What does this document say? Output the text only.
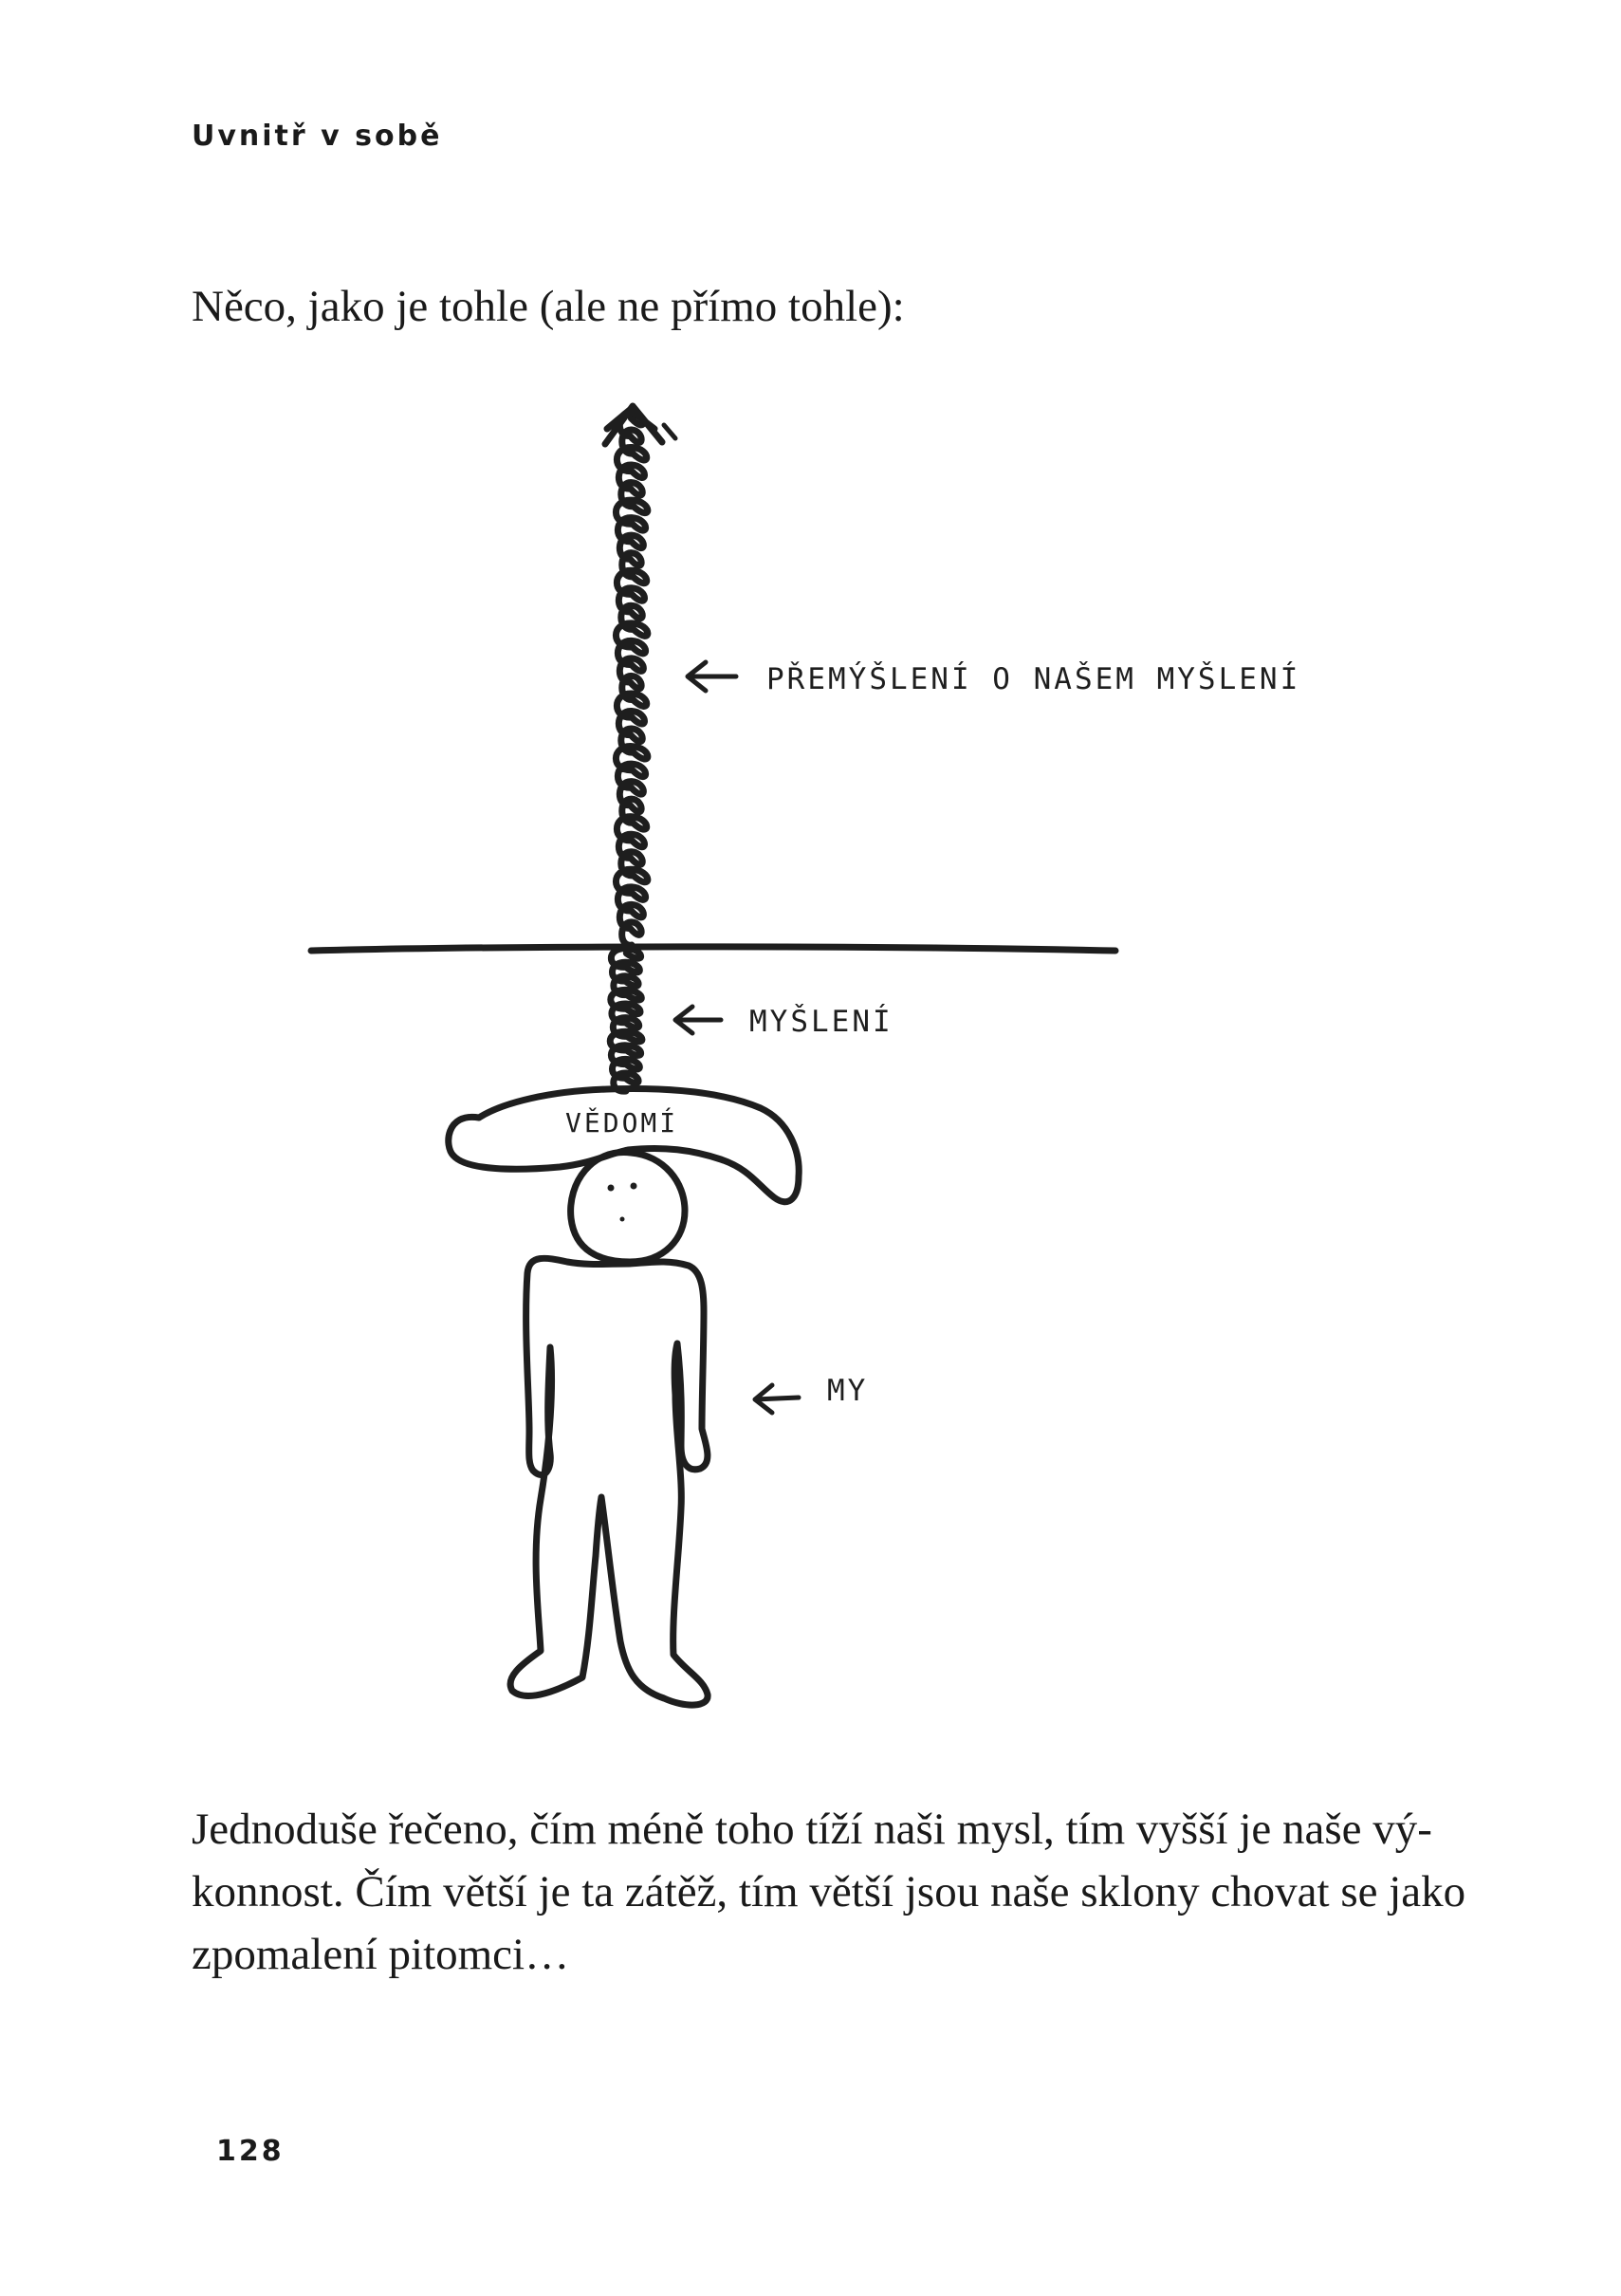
Uvnitř v sobě
Něco, jako je tohle (ale ne přímo tohle):
PŘEMÝŠLENÍ O NAŠEM MYŠLENÍ
MYŠLENÍ
VĚDOMÍ
MY
Jednoduše řečeno, čím méně toho tíží naši mysl, tím vyšší je naše vý-
konnost. Čím větší je ta zátěž, tím větší jsou naše sklony chovat se jako
zpomalení pitomci…
128
